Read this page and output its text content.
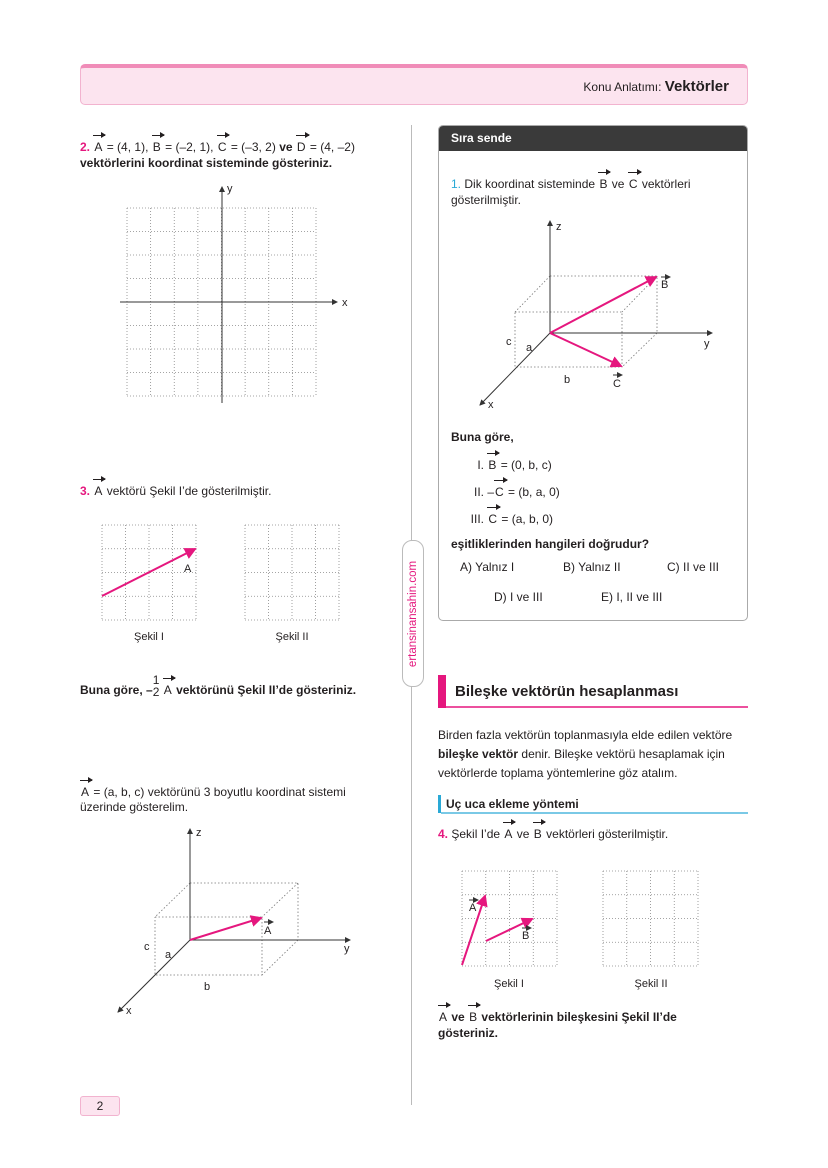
Konu Anlatımı: Vektörler
ertansinansahin.com
2. A = (4, 1), B = (–2, 1), C = (–3, 2) ve D = (4, –2)
vektörlerini koordinat sisteminde gösteriniz.
x
y
A
Şekil I	Şekil II
z
y
x
c
a
b
A
z
y
x
c a
b
B
C
A
B
Şekil I	Şekil II
3. A vektörü Şekil I’de gösterilmiştir.
Buna göre, –
1
2 A vektörünü Şekil II’de gösteriniz.
A = (a, b, c) vektörünü 3 boyutlu koordinat sistemi
üzerinde gösterelim.
Sıra sende
1. Dik koordinat sisteminde B ve C vektörleri
gösterilmiştir.
Buna göre,
I. B = (0, b, c)
II. –C = (b, a, 0)
III. C = (a, b, 0)
eşitliklerinden hangileri doğrudur?
A) Yalnız I	B) Yalnız II	C) II ve III
D) I ve III	E) I, II ve III
Bileşke vektörün hesaplanması
Birden fazla vektörün toplanmasıyla elde edilen vektöre
bileşke vektör denir. Bileşke vektörü hesaplamak için
vektörlerde toplama yöntemlerine göz atalım.
Uç uca ekleme yöntemi
4. Şekil I’de A ve B vektörleri gösterilmiştir.
A ve B vektörlerinin bileşkesini Şekil II’de
gösteriniz.
2
